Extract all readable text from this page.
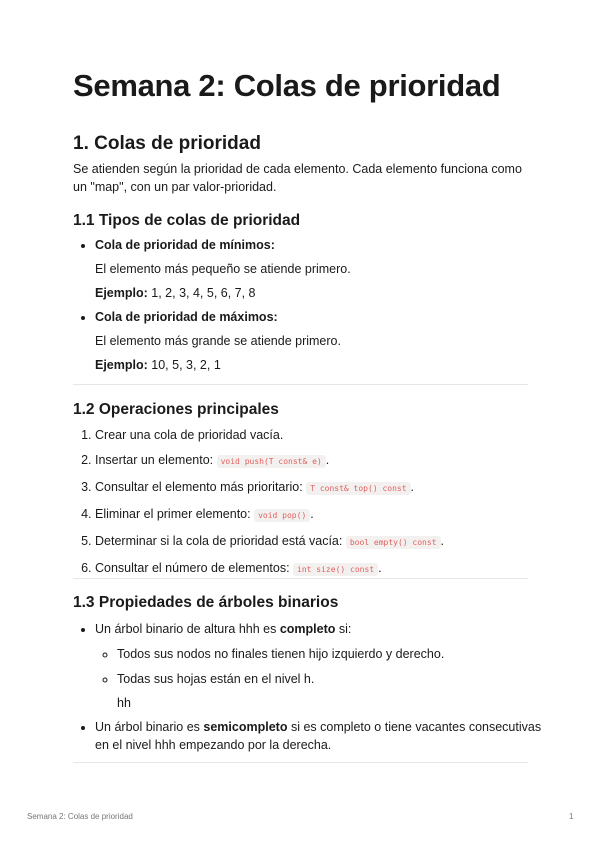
Semana 2: Colas de prioridad
1. Colas de prioridad

Se atienden según la prioridad de cada elemento. Cada elemento funciona como un "map", con un par valor-prioridad.

1.1 Tipos de colas de prioridad
• Cola de prioridad de mínimos:

El elemento más pequeño se atiende primero.

Ejemplo: 1, 2, 3, 4, 5, 6, 7, 8

• Cola de prioridad de máximos:

El elemento más grande se atiende primero.

Ejemplo: 10, 5, 3, 2, 1

1.2 Operaciones principales
1. Crear una cola de prioridad vacía.
2. Insertar un elemento: void push(T const& e) .
3. Consultar el elemento más prioritario: T const& top() const .
4. Eliminar el primer elemento: void pop() .
5. Determinar si la cola de prioridad está vacía: bool empty() const .
6. Consultar el número de elementos: int size() const .
1.3 Propiedades de árboles binarios
• Un árbol binario de altura hhh es completo si:
◦ Todos sus nodos no finales tienen hijo izquierdo y derecho.
◦ Todas sus hojas están en el nivel h.

hh

• Un árbol binario es semicompleto si es completo o tiene vacantes consecutivas en el nivel hhh empezando por la derecha.
Semana 2: Colas de prioridad	1
